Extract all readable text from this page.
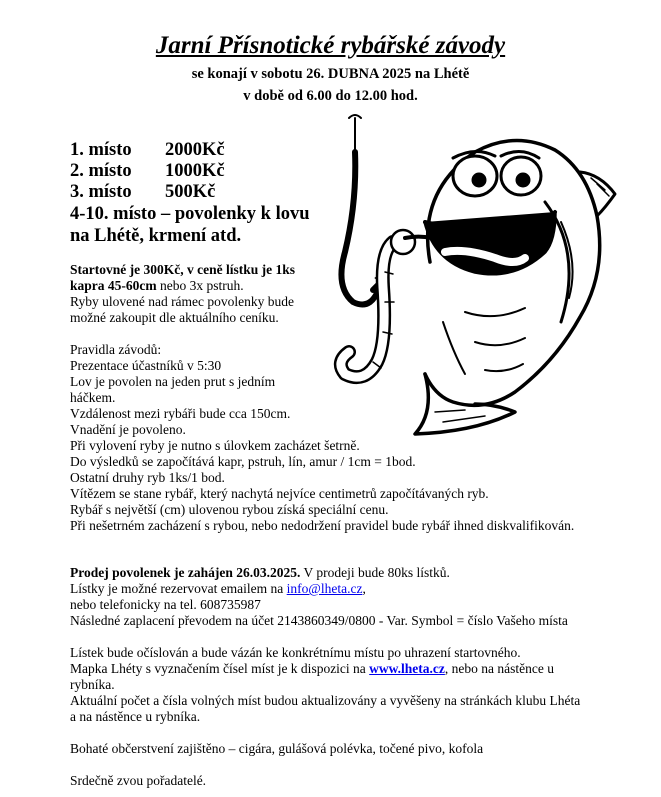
Jarní Přísnotické rybářské závody
se konají v sobotu 26. DUBNA 2025 na Lhétě
v době od 6.00 do 12.00 hod.
1. místo 2000Kč
2. místo 1000Kč
3. místo 500Kč
4-10. místo – povolenky k lovu
na Lhétě, krmení atd.
Startovné je 300Kč, v ceně lístku je 1ks
kapra 45-60cm nebo 3x pstruh.
Ryby ulovené nad rámec povolenky bude
možné zakoupit dle aktuálního ceníku.
Pravidla závodů:
Prezentace účastníků v 5:30
Lov je povolen na jeden prut s jedním
háčkem.
Vzdálenost mezi rybáři bude cca 150cm.
Vnadění je povoleno.
Při vylovení ryby je nutno s úlovkem zacházet šetrně.
Do výsledků se započítává kapr, pstruh, lín, amur / 1cm = 1bod.
Ostatní druhy ryb 1ks/1 bod.
Vítězem se stane rybář, který nachytá nejvíce centimetrů započítávaných ryb.
Rybář s největší (cm) ulovenou rybou získá speciální cenu.
Při nešetrném zacházení s rybou, nebo nedodržení pravidel bude rybář ihned diskvalifikován.
Prodej povolenek je zahájen 26.03.2025. V prodeji bude 80ks lístků.
Lístky je možné rezervovat emailem na info@lheta.cz,
nebo telefonicky na tel. 608735987
Následné zaplacení převodem na účet 2143860349/0800 - Var. Symbol = číslo Vašeho místa
Lístek bude očíslován a bude vázán ke konkrétnímu místu po uhrazení startovného.
Mapka Lhéty s vyznačením čísel míst je k dispozici na www.lheta.cz, nebo na nástěnce u
rybníka.
Aktuální počet a čísla volných míst budou aktualizovány a vyvěšeny na stránkách klubu Lhéta
a na nástěnce u rybníka.
Bohaté občerstvení zajištěno – cigára, gulášová polévka, točené pivo, kofola
Srdečně zvou pořadatelé.
